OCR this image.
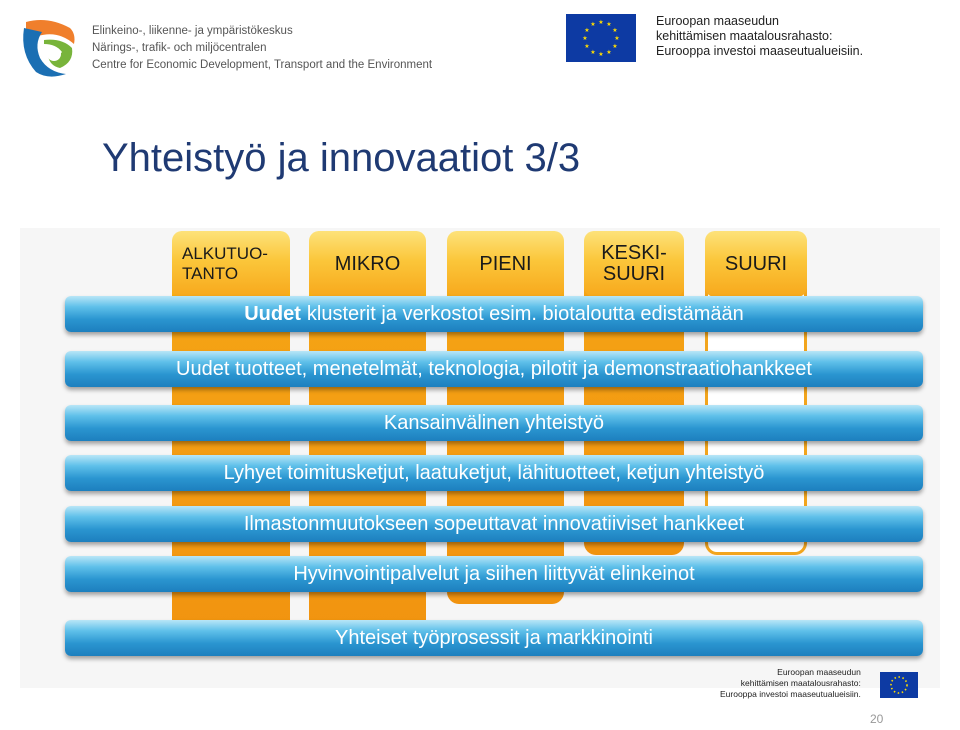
Elinkeino-, liikenne- ja ympäristökeskus
Närings-, trafik- och miljöcentralen
Centre for Economic Development, Transport and the Environment
★ ★
★
★
★
★
★
★
★
★
★
★	Euroopan maaseudun
kehittämisen maatalousrahasto:
Eurooppa investoi maaseutualueisiin.
Yhteistyö ja innovaatiot 3/3
ALKUTUO-
TANTO	MIKRO	PIENI	KESKI-
SUURI	SUURI
Uudet klusterit ja verkostot esim. biotaloutta edistämään
Uudet tuotteet, menetelmät, teknologia, pilotit ja demonstraatiohankkeet
Kansainvälinen yhteistyö
Lyhyet toimitusketjut, laatuketjut, lähituotteet, ketjun yhteistyö
Ilmastonmuutokseen sopeuttavat innovatiiviset hankkeet
Hyvinvointipalvelut ja siihen liittyvät elinkeinot
Yhteiset työprosessit ja markkinointi
Euroopan maaseudun
kehittämisen maatalousrahasto:
Eurooppa investoi maaseutualueisiin.
20
